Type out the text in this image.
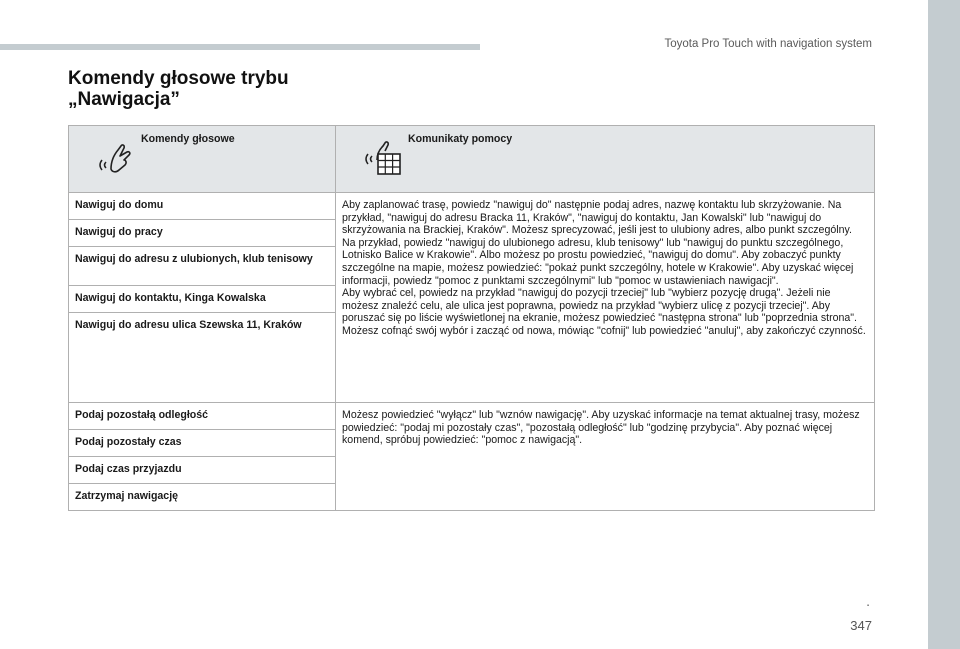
Toyota Pro Touch with navigation system
Komendy głosowe trybu
„Nawigacja”
Komendy głosowe	Komunikaty pomocy

Nawiguj do domu	Aby zaplanować trasę, powiedz "nawiguj do" następnie podaj adres, nazwę kontaktu lub skrzyżowanie. Na przykład, "nawiguj do adresu Bracka 11, Kraków", "nawiguj do kontaktu, Jan Kowalski" lub "nawiguj do skrzyżowania na Brackiej, Kraków". Możesz sprecyzować, jeśli jest to ulubiony adres, albo punkt szczególny. Na przykład, powiedz "nawiguj do ulubionego adresu, klub tenisowy" lub "nawiguj do punktu szczególnego, Lotnisko Balice w Krakowie". Albo możesz po prostu powiedzieć, "nawiguj do domu". Aby zobaczyć punkty szczególne na mapie, możesz powiedzieć: "pokaż punkt szczególny, hotele w Krakowie". Aby uzyskać więcej informacji, powiedz "pomoc z punktami szczególnymi" lub "pomoc w ustawieniach nawigacji".
Aby wybrać cel, powiedz na przykład "nawiguj do pozycji trzeciej" lub "wybierz pozycję drugą". Jeżeli nie możesz znaleźć celu, ale ulica jest poprawna, powiedz na przykład "wybierz ulicę z pozycji trzeciej". Aby poruszać się po liście wyświetlonej na ekranie, możesz powiedzieć "następna strona" lub "poprzednia strona". Możesz cofnąć swój wybór i zacząć od nowa, mówiąc "cofnij" lub powiedzieć "anuluj", aby zakończyć czynność.

Nawiguj do pracy	
Nawiguj do adresu z ulubionych, klub tenisowy	
Nawiguj do kontaktu, Kinga Kowalska	
Nawiguj do adresu ulica Szewska 11, Kraków	
Podaj pozostałą odległość	Możesz powiedzieć "wyłącz" lub "wznów nawigację". Aby uzyskać informacje na temat aktualnej trasy, możesz powiedzieć: "podaj mi pozostały czas", "pozostałą odległość" lub "godzinę przybycia". Aby poznać więcej komend, spróbuj powiedzieć: "pomoc z nawigacją".

Podaj pozostały czas	
Podaj czas przyjazdu	
Zatrzymaj nawigację	
.
347
